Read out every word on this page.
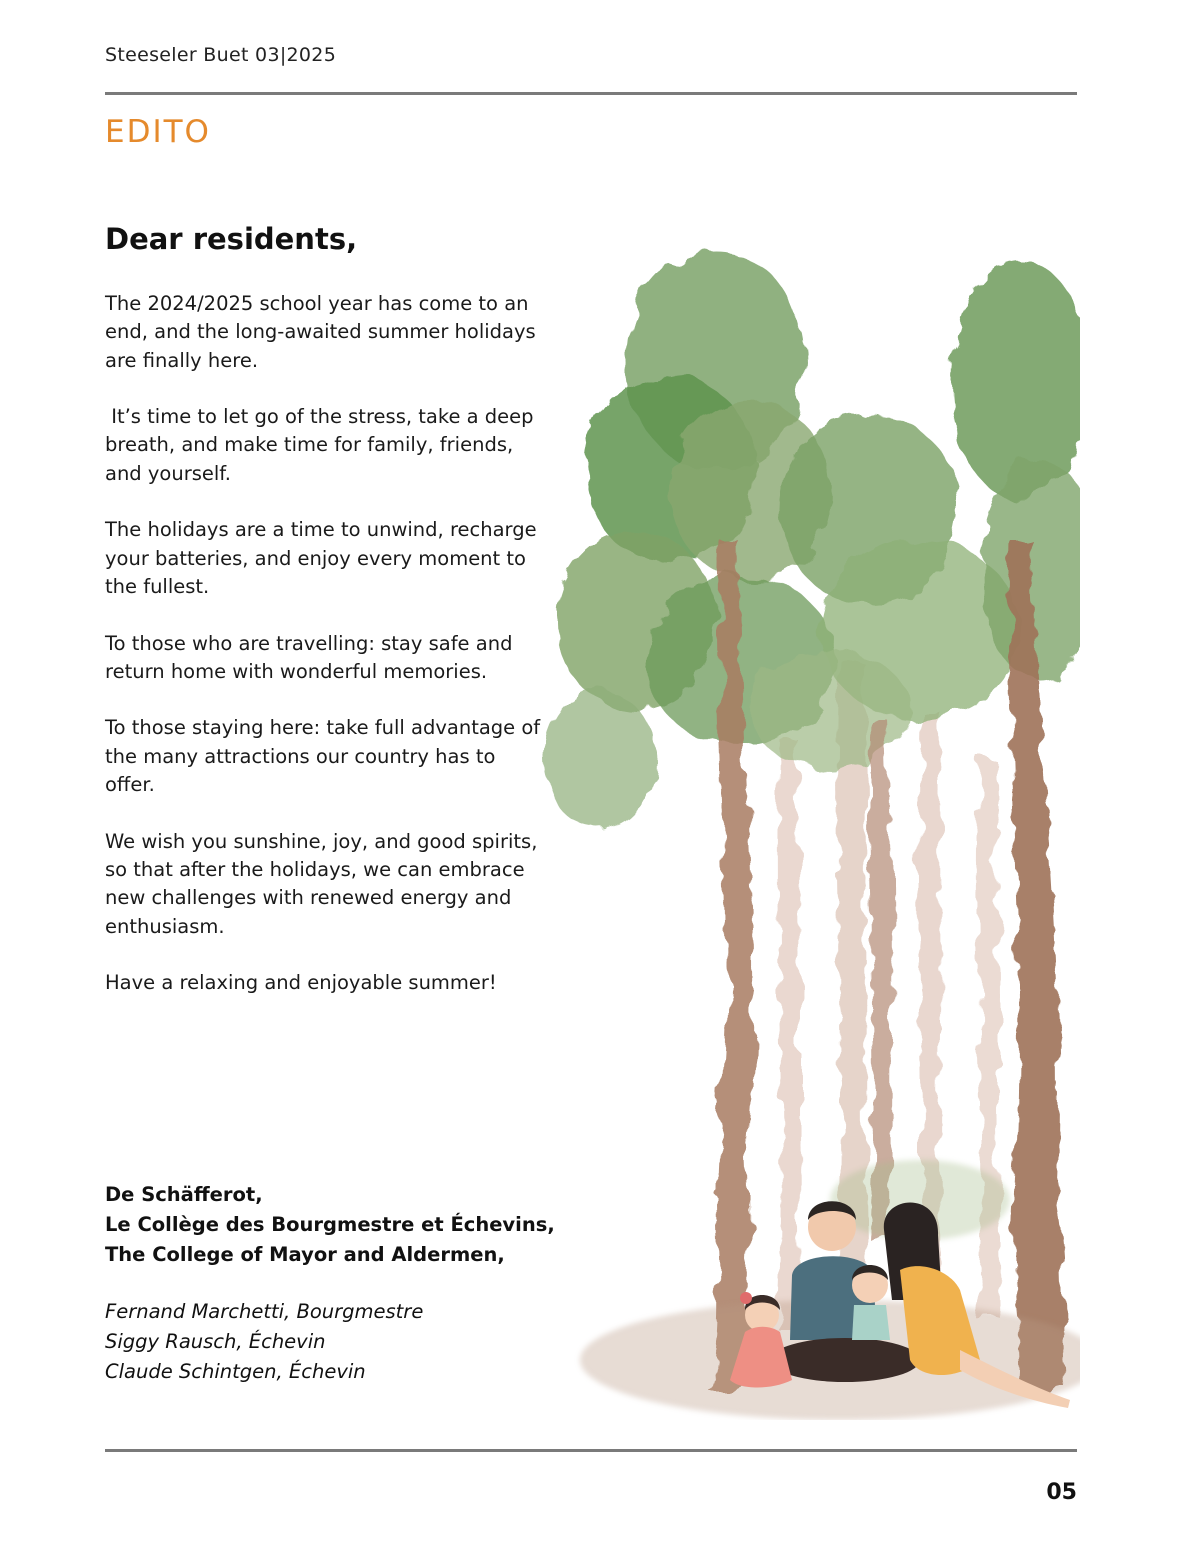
Steeseler Buet 03|2025
EDITO
Dear residents,

The 2024/2025 school year has come to an end, and the long-awaited summer holidays are finally here.

It’s time to let go of the stress, take a deep breath, and make time for family, friends, and yourself.

The holidays are a time to unwind, recharge your batteries, and enjoy every moment to the fullest.

To those who are travelling: stay safe and return home with wonderful memories.

To those staying here: take full advantage of the many attractions our country has to offer.

We wish you sunshine, joy, and good spirits, so that after the holidays, we can embrace new challenges with renewed energy and enthusiasm.

Have a relaxing and enjoyable summer!

De Schäfferot,
Le Collège des Bourgmestre et Échevins,
The College of Mayor and Aldermen,
Fernand Marchetti, Bourgmestre
Siggy Rausch, Échevin
Claude Schintgen, Échevin
05
